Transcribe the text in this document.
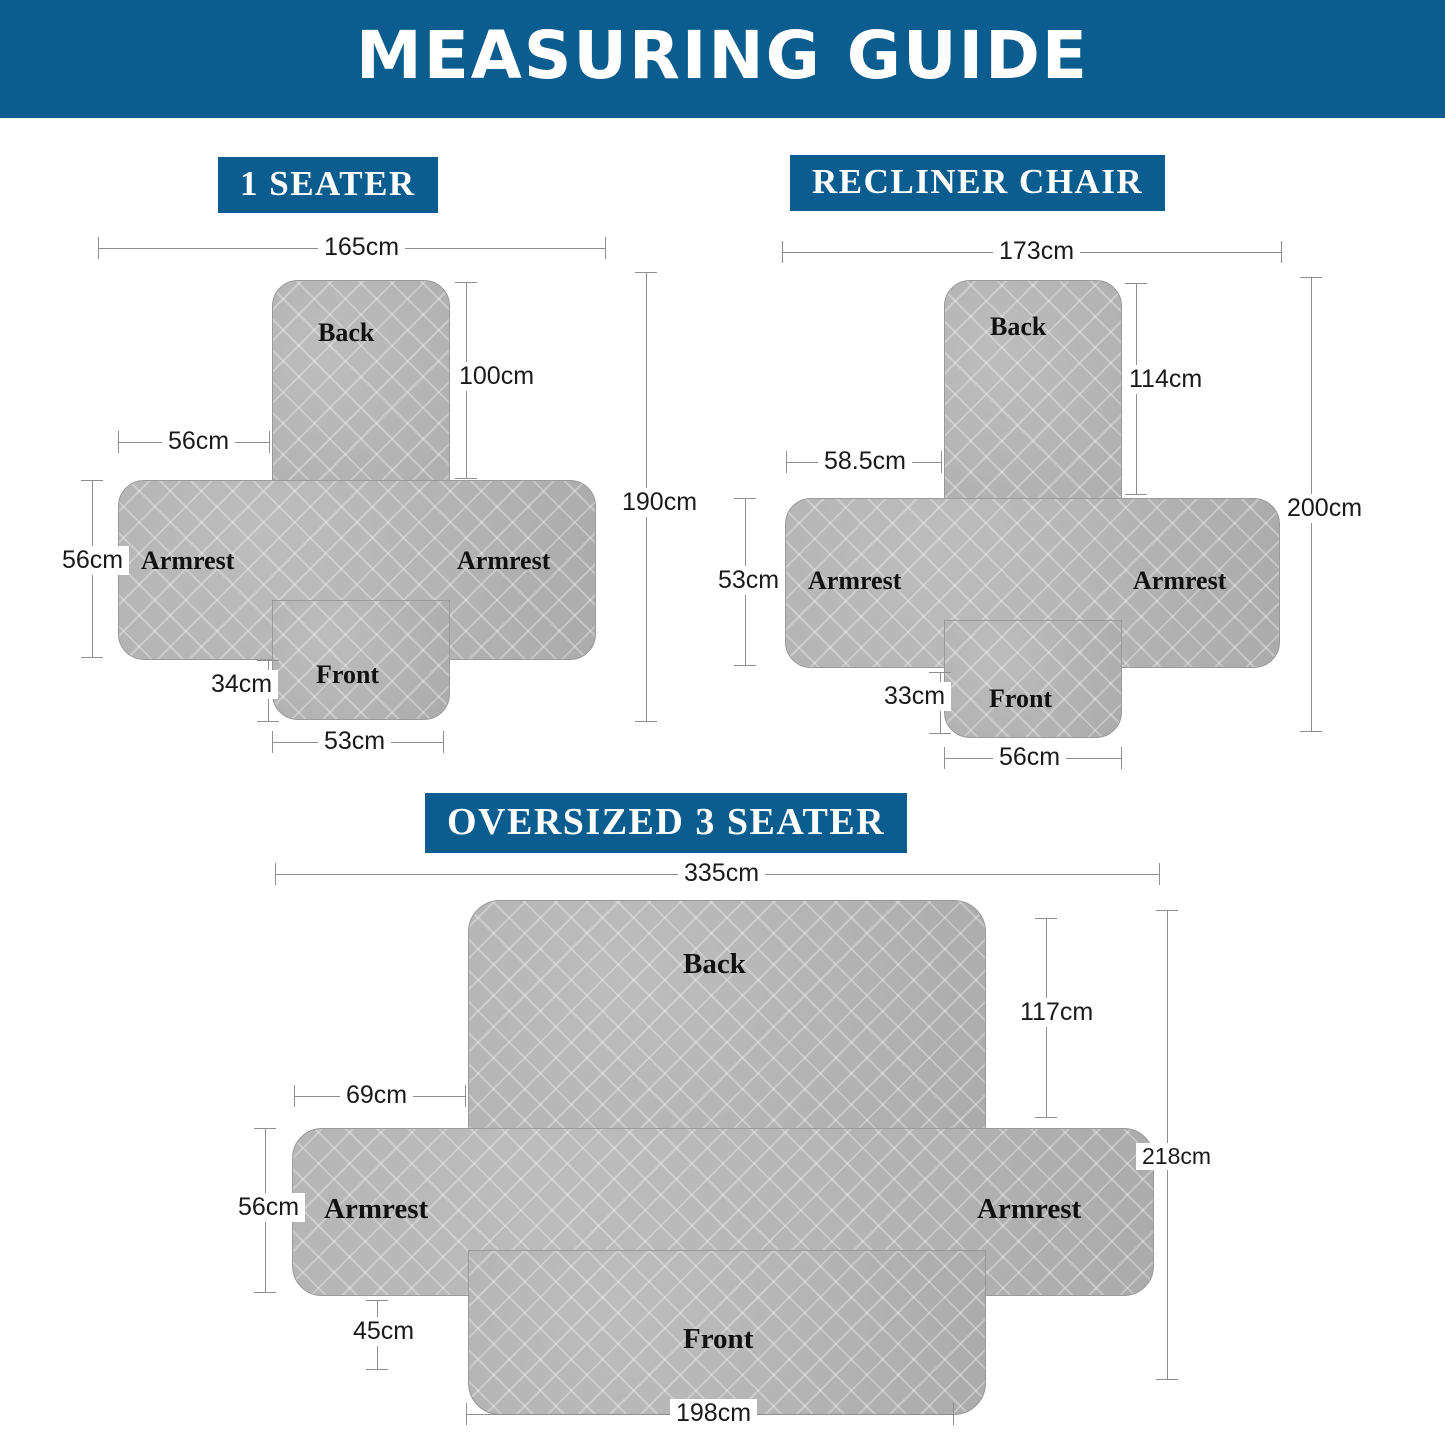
MEASURING GUIDE
1 SEATER
Back
Armrest	Armrest
Front
165cm
100cm
56cm
56cm
34cm
53cm
190cm
RECLINER CHAIR
Back
Armrest	Armrest
Front
173cm
114cm
58.5cm
53cm
33cm
56cm
200cm
OVERSIZED 3 SEATER
Back
Armrest	Armrest
Front
335cm
117cm
69cm
56cm
45cm
198cm
218cm
